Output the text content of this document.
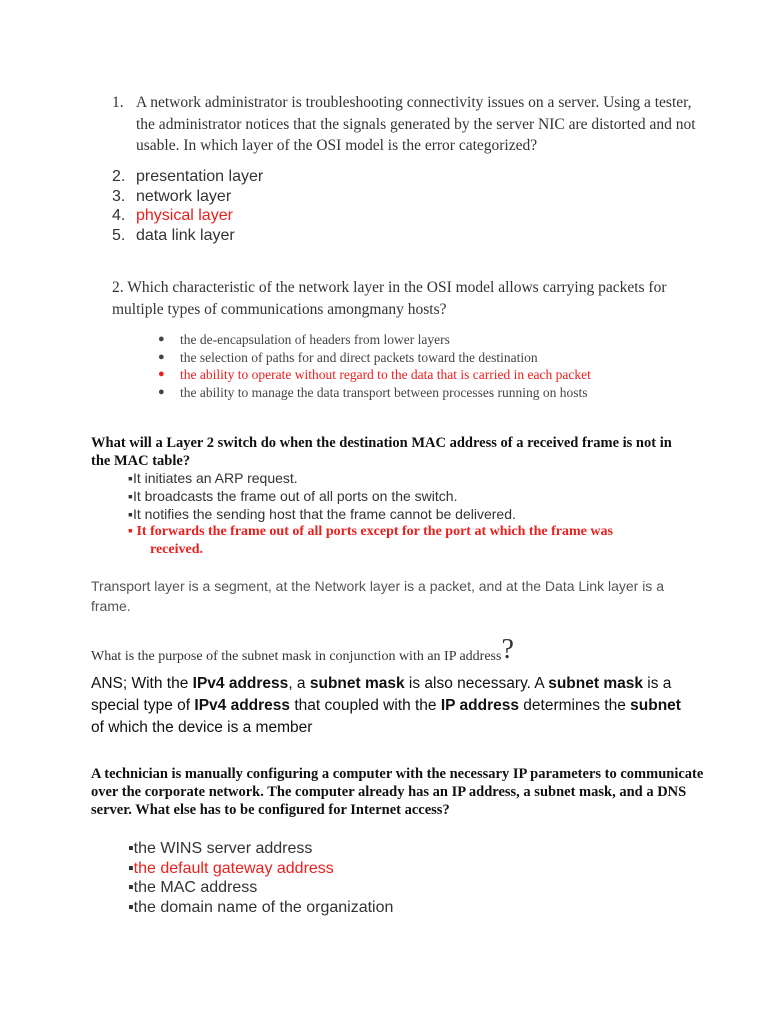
1. A network administrator is troubleshooting connectivity issues on a server. Using a tester, the administrator notices that the signals generated by the server NIC are distorted and not usable. In which layer of the OSI model is the error categorized?
2. presentation layer
3. network layer
4. physical layer
5. data link layer
2. Which characteristic of the network layer in the OSI model allows carrying packets for multiple types of communications amongmany hosts?
● the de-encapsulation of headers from lower layers
● the selection of paths for and direct packets toward the destination
● the ability to operate without regard to the data that is carried in each packet
● the ability to manage the data transport between processes running on hosts
What will a Layer 2 switch do when the destination MAC address of a received frame is not in the MAC table?
▪It initiates an ARP request.
▪It broadcasts the frame out of all ports on the switch.
▪It notifies the sending host that the frame cannot be delivered.
▪ It forwards the frame out of all ports except for the port at which the frame was
received.
Transport layer is a segment, at the Network layer is a packet, and at the Data Link layer is a frame.
What is the purpose of the subnet mask in conjunction with an IP address?
ANS; With the IPv4 address, a subnet mask is also necessary. A subnet mask is a special type of IPv4 address that coupled with the IP address determines the subnet of which the device is a member
A technician is manually configuring a computer with the necessary IP parameters to communicate over the corporate network. The computer already has an IP address, a subnet mask, and a DNS server. What else has to be configured for Internet access?
▪the WINS server address
▪the default gateway address
▪the MAC address
▪the domain name of the organization
